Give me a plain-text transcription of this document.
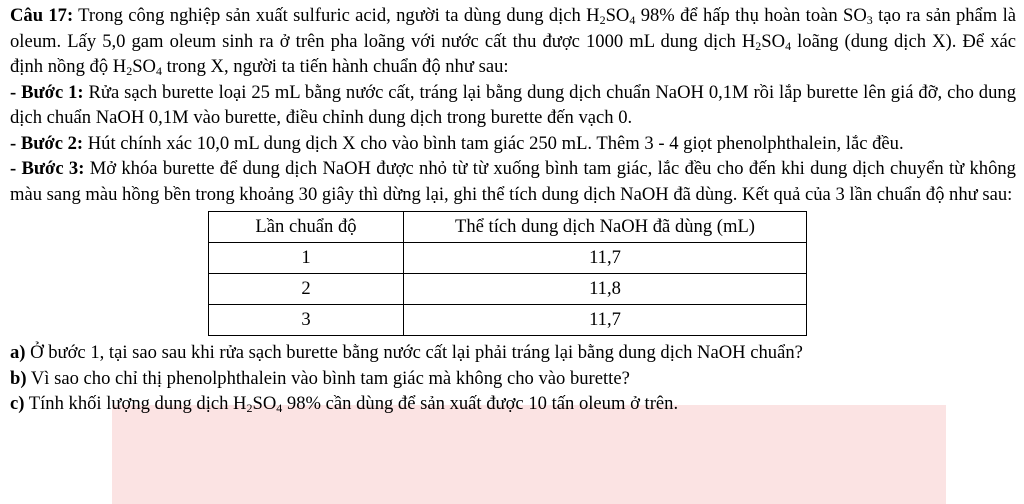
Câu 17: Trong công nghiệp sản xuất sulfuric acid, người ta dùng dung dịch $H_2SO_4$ 98% để hấp thụ hoàn toàn $SO_3$ tạo ra sản phẩm là oleum. Lấy 5,0 gam oleum sinh ra ở trên pha loãng với nước cất thu được 1000 mL dung dịch $H_2SO_4$ loãng (dung dịch X). Để xác định nồng độ $H_2SO_4$ trong X, người ta tiến hành chuẩn độ như sau:

- Bước 1: Rửa sạch burette loại 25 mL bằng nước cất, tráng lại bằng dung dịch chuẩn NaOH 0,1M rồi lắp burette lên giá đỡ, cho dung dịch chuẩn NaOH 0,1M vào burette, điều chỉnh dung dịch trong burette đến vạch 0.

- Bước 2: Hút chính xác 10,0 mL dung dịch X cho vào bình tam giác 250 mL. Thêm 3 - 4 giọt phenolphthalein, lắc đều.

- Bước 3: Mở khóa burette để dung dịch NaOH được nhỏ từ từ xuống bình tam giác, lắc đều cho đến khi dung dịch chuyển từ không màu sang màu hồng bền trong khoảng 30 giây thì dừng lại, ghi thể tích dung dịch NaOH đã dùng. Kết quả của 3 lần chuẩn độ như sau:

Lần chuẩn độ	Thể tích dung dịch NaOH đã dùng (mL)
1	11,7
2	11,8
3	11,7

a) Ở bước 1, tại sao sau khi rửa sạch burette bằng nước cất lại phải tráng lại bằng dung dịch NaOH chuẩn?

b) Vì sao cho chỉ thị phenolphthalein vào bình tam giác mà không cho vào burette?

c) Tính khối lượng dung dịch $H_2SO_4$ 98% cần dùng để sản xuất được 10 tấn oleum ở trên.
